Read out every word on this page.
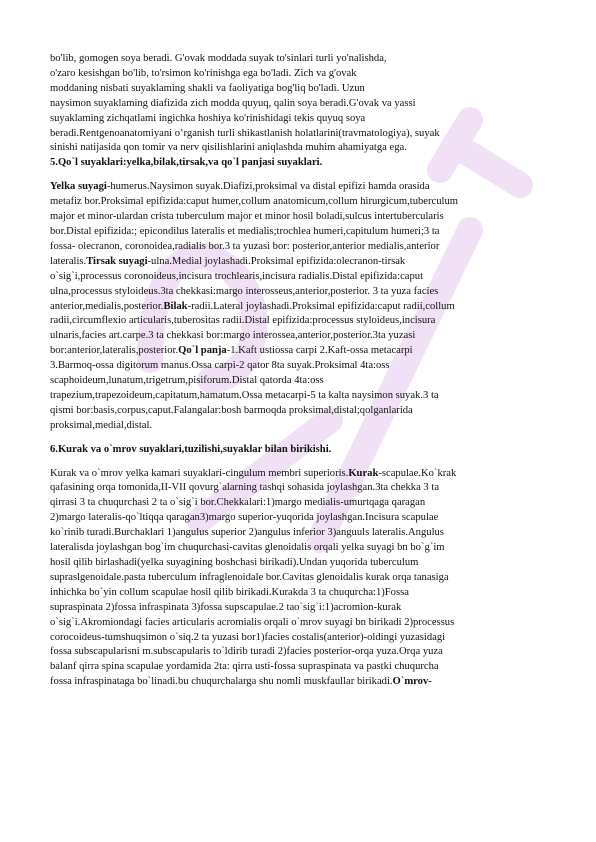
bo'lib, gomogen soya beradi. G'ovak moddada suyak to'sinlari turli yo'nalishda,
o'zaro kesishgan bo'lib, to'rsimon ko'rinishga ega bo'ladi. Zich va g'ovak
moddaning nisbati suyaklaming shakli va faoliyatiga bog'liq bo'ladi. Uzun
naysimon suyaklaming diafizida zich modda quyuq, qalin soya beradi.G'ovak va yassi
suyaklaming zichqatlami ingichka hoshiya ko'rinishidagi tekis quyuq soya
beradi.Rentgenoanatomiyani o’rganish turli shikastlanish holatlarini(travmatologiya), suyak
sinishi natijasida qon tomir va nerv qisilishlarini aniqlashda muhim ahamiyatga ega.
5.Qo`l suyaklari:yelka,bilak,tirsak,va qo`l panjasi suyaklari.
Yelka suyagi-humerus.Naysimon suyak.Diafizi,proksimal va distal epifizi hamda orasida
metafiz bor.Proksimal epifizida:caput humer,collum anatomicum,collum hirurgicum,tuberculum
major et minor-ulardan crista tuberculum major et minor hosil boladi,sulcus intertubercularis
bor.Distal epifizida:; epicondilus lateralis et medialis;trochlea humeri,capitulum humeri;3 ta
fossa- olecranon, coronoidea,radialis bor.3 ta yuzasi bor: posterior,anterior medialis,anterior
lateralis.Tirsak suyagi-ulna.Medial joylashadi.Proksimal epifizida:olecranon-tirsak
o`sig`i,processus coronoideus,incisura trochlearis,incisura radialis.Distal epifizida:caput
ulna,processus styloideus.3ta chekkasi:margo interosseus,anterior,posterior. 3 ta yuza facies
anterior,medialis,posterior.Bilak-radii.Lateral joylashadi.Proksimal epifizida:caput radii,collum
radii,circumflexio articularis,tuberositas radii.Distal epifizida:processus styloideus,incisura
ulnaris,facies art.carpe.3 ta chekkasi bor:margo interossea,anterior,posterior.3ta yuzasi
bor:anterior,lateralis,posterior.Qo`l panja-1.Kaft ustiossa carpi 2.Kaft-ossa metacarpi
3.Barmoq-ossa digitorum manus.Ossa carpi-2 qator 8ta suyak.Proksimal 4ta:oss
scaphoideum,lunatum,trigetrum,pisiforum.Distal qatorda 4ta:oss
trapezium,trapezoideum,capitatum,hamatum.Ossa metacarpi-5 ta kalta naysimon suyak.3 ta
qismi bor:basis,corpus,caput.Falangalar:bosh barmoqda proksimal,distal;qolganlarida
proksimal,medial,distal.
6.Kurak va o`mrov suyaklari,tuzilishi,suyaklar bilan birikishi.
Kurak va o`mrov yelka kamari suyaklari-cingulum membri superioris.Kurak-scapulae.Ko`krak
qafasining orqa tomonida,II-VII qovurg`alarning tashqi sohasida joylashgan.3ta chekka 3 ta
qirrasi 3 ta chuqurchasi 2 ta o`sig`i bor.Chekkalari:1)margo medialis-umurtqaga qaragan
2)margo lateralis-qo`ltiqqa qaragan3)margo superior-yuqorida joylashgan.Incisura scapulae
ko`rinib turadi.Burchaklari 1)angulus superior 2)angulus inferior 3)anguuls lateralis.Angulus
lateralisda joylashgan bog`im chuqurchasi-cavitas glenoidalis orqali yelka suyagi bn bo`g`im
hosil qilib birlashadi(yelka suyagining boshchasi birikadi).Undan yuqorida tuberculum
supraslgenoidale.pasta tuberculum infraglenoidale bor.Cavitas glenoidalis kurak orqa tanasiga
inhichka bo`yin collum scapulae hosil qilib birikadi.Kurakda 3 ta chuqurcha:1)Fossa
supraspinata 2)fossa infraspinata 3)fossa supscapulae.2 tao`sig`i:1)acromion-kurak
o`sig`i.Akromiondagi facies articularis acromialis orqali o`mrov suyagi bn birikadi 2)processus
corocoideus-tumshuqsimon o`siq.2 ta yuzasi bor1)facies costalis(anterior)-oldingi yuzasidagi
fossa subscapularisni m.subscapularis to`ldirib turadi 2)facies posterior-orqa yuza.Orqa yuza
balanf qirra spina scapulae yordamida 2ta: qirra usti-fossa supraspinata va pastki chuqurcha
fossa infraspinataga bo`linadi.bu chuqurchalarga shu nomli muskfaullar birikadi.O`mrov-
